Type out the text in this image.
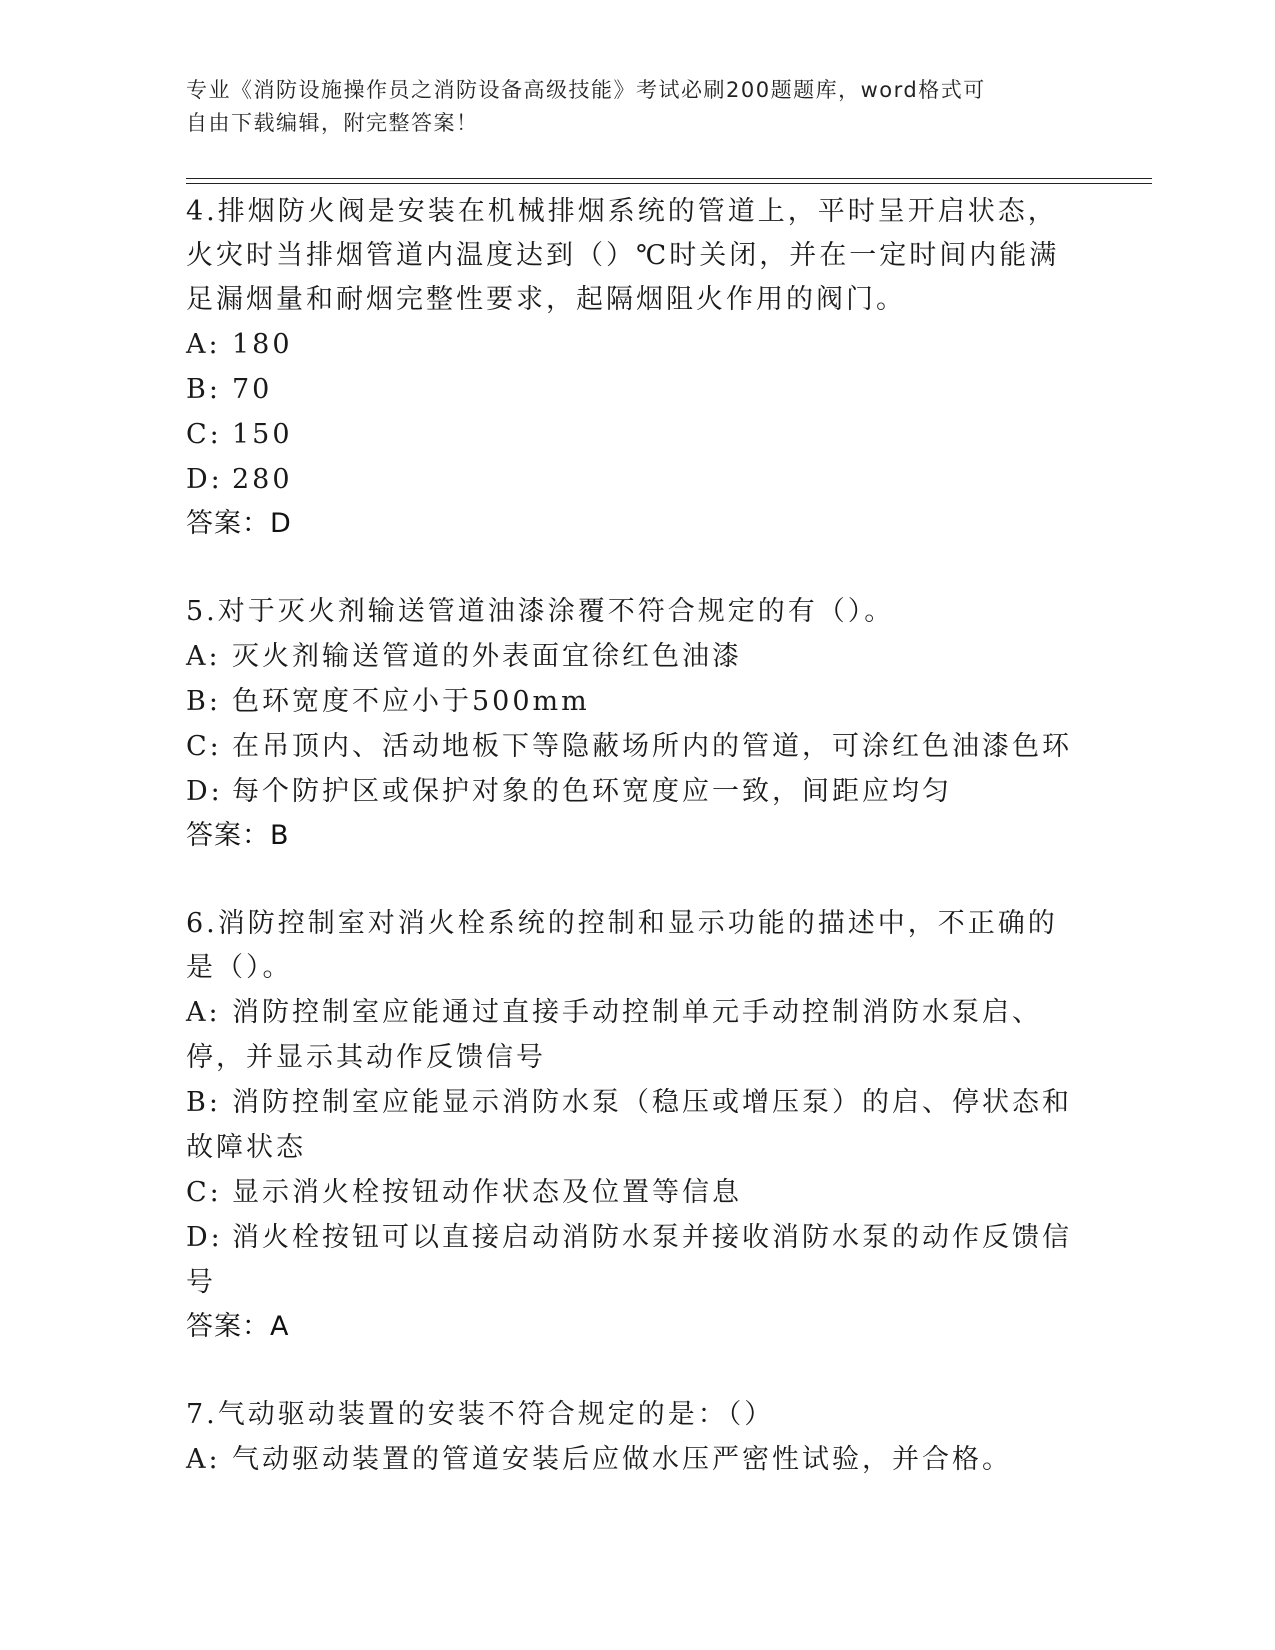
专业《消防设施操作员之消防设备高级技能》考试必刷200题题库，word格式可
自由下载编辑，附完整答案！

4.排烟防火阀是安装在机械排烟系统的管道上，平时呈开启状态，火灾时当排烟管道内温度达到（）℃时关闭，并在一定时间内能满足漏烟量和耐烟完整性要求，起隔烟阻火作用的阀门。

A: 180

B: 70

C: 150

D: 280

答案：D

5.对于灭火剂输送管道油漆涂覆不符合规定的有（）。

A: 灭火剂输送管道的外表面宜徐红色油漆

B: 色环宽度不应小于500mm

C: 在吊顶内、活动地板下等隐蔽场所内的管道，可涂红色油漆色环

D: 每个防护区或保护对象的色环宽度应一致，间距应均匀

答案：B

6.消防控制室对消火栓系统的控制和显示功能的描述中，不正确的是（）。

A: 消防控制室应能通过直接手动控制单元手动控制消防水泵启、停，并显示其动作反馈信号

B: 消防控制室应能显示消防水泵（稳压或增压泵）的启、停状态和故障状态

C: 显示消火栓按钮动作状态及位置等信息

D: 消火栓按钮可以直接启动消防水泵并接收消防水泵的动作反馈信号

答案：A

7.气动驱动装置的安装不符合规定的是：（）

A: 气动驱动装置的管道安装后应做水压严密性试验，并合格。
